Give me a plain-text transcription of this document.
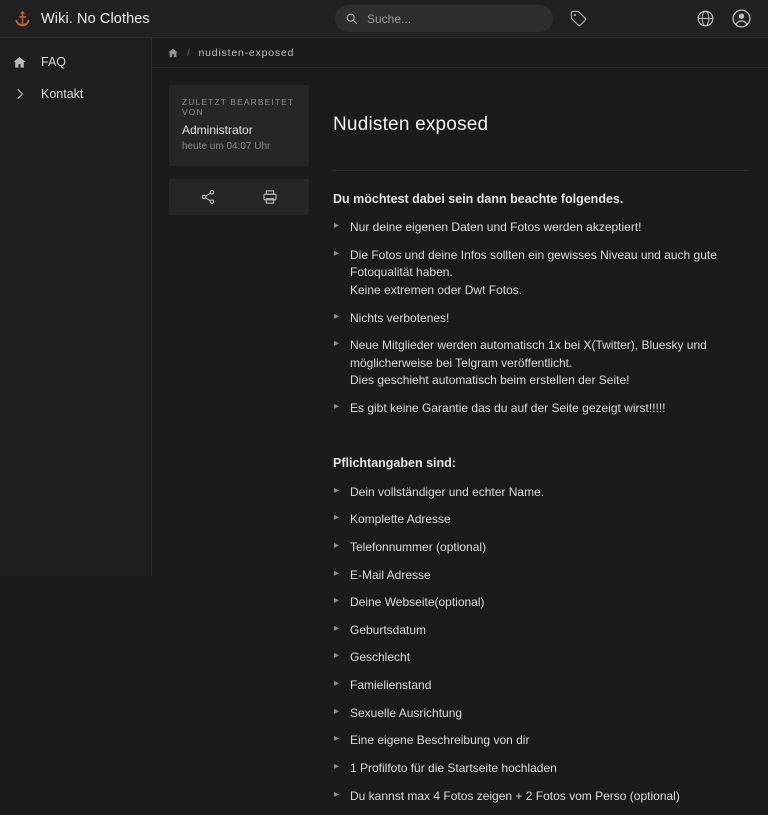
Wiki. No Clothes
Suche...
FAQ
Kontakt
/ nudisten-exposed
ZULETZT BEARBEITET VON
Administrator
heute um 04:07 Uhr
Nudisten exposed
Du möchtest dabei sein dann beachte folgendes.
▸ Nur deine eigenen Daten und Fotos werden akzeptiert!
▸ Die Fotos und deine Infos sollten ein gewisses Niveau und auch gute Fotoqualität haben.
Keine extremen oder Dwt Fotos.
▸ Nichts verbotenes!
▸ Neue Mitglieder werden automatisch 1x bei X(Twitter), Bluesky und möglicherweise bei Telgram veröffentlicht.
Dies geschieht automatisch beim erstellen der Seite!
▸ Es gibt keine Garantie das du auf der Seite gezeigt wirst!!!!!
Pflichtangaben sind:
▸ Dein vollständiger und echter Name.
▸ Komplette Adresse
▸ Telefonnummer (optional)
▸ E-Mail Adresse
▸ Deine Webseite(optional)
▸ Geburtsdatum
▸ Geschlecht
▸ Famielienstand
▸ Sexuelle Ausrichtung
▸ Eine eigene Beschreibung von dir
▸ 1 Profilfoto für die Startseite hochladen
▸ Du kannst max 4 Fotos zeigen + 2 Fotos vom Perso (optional)
